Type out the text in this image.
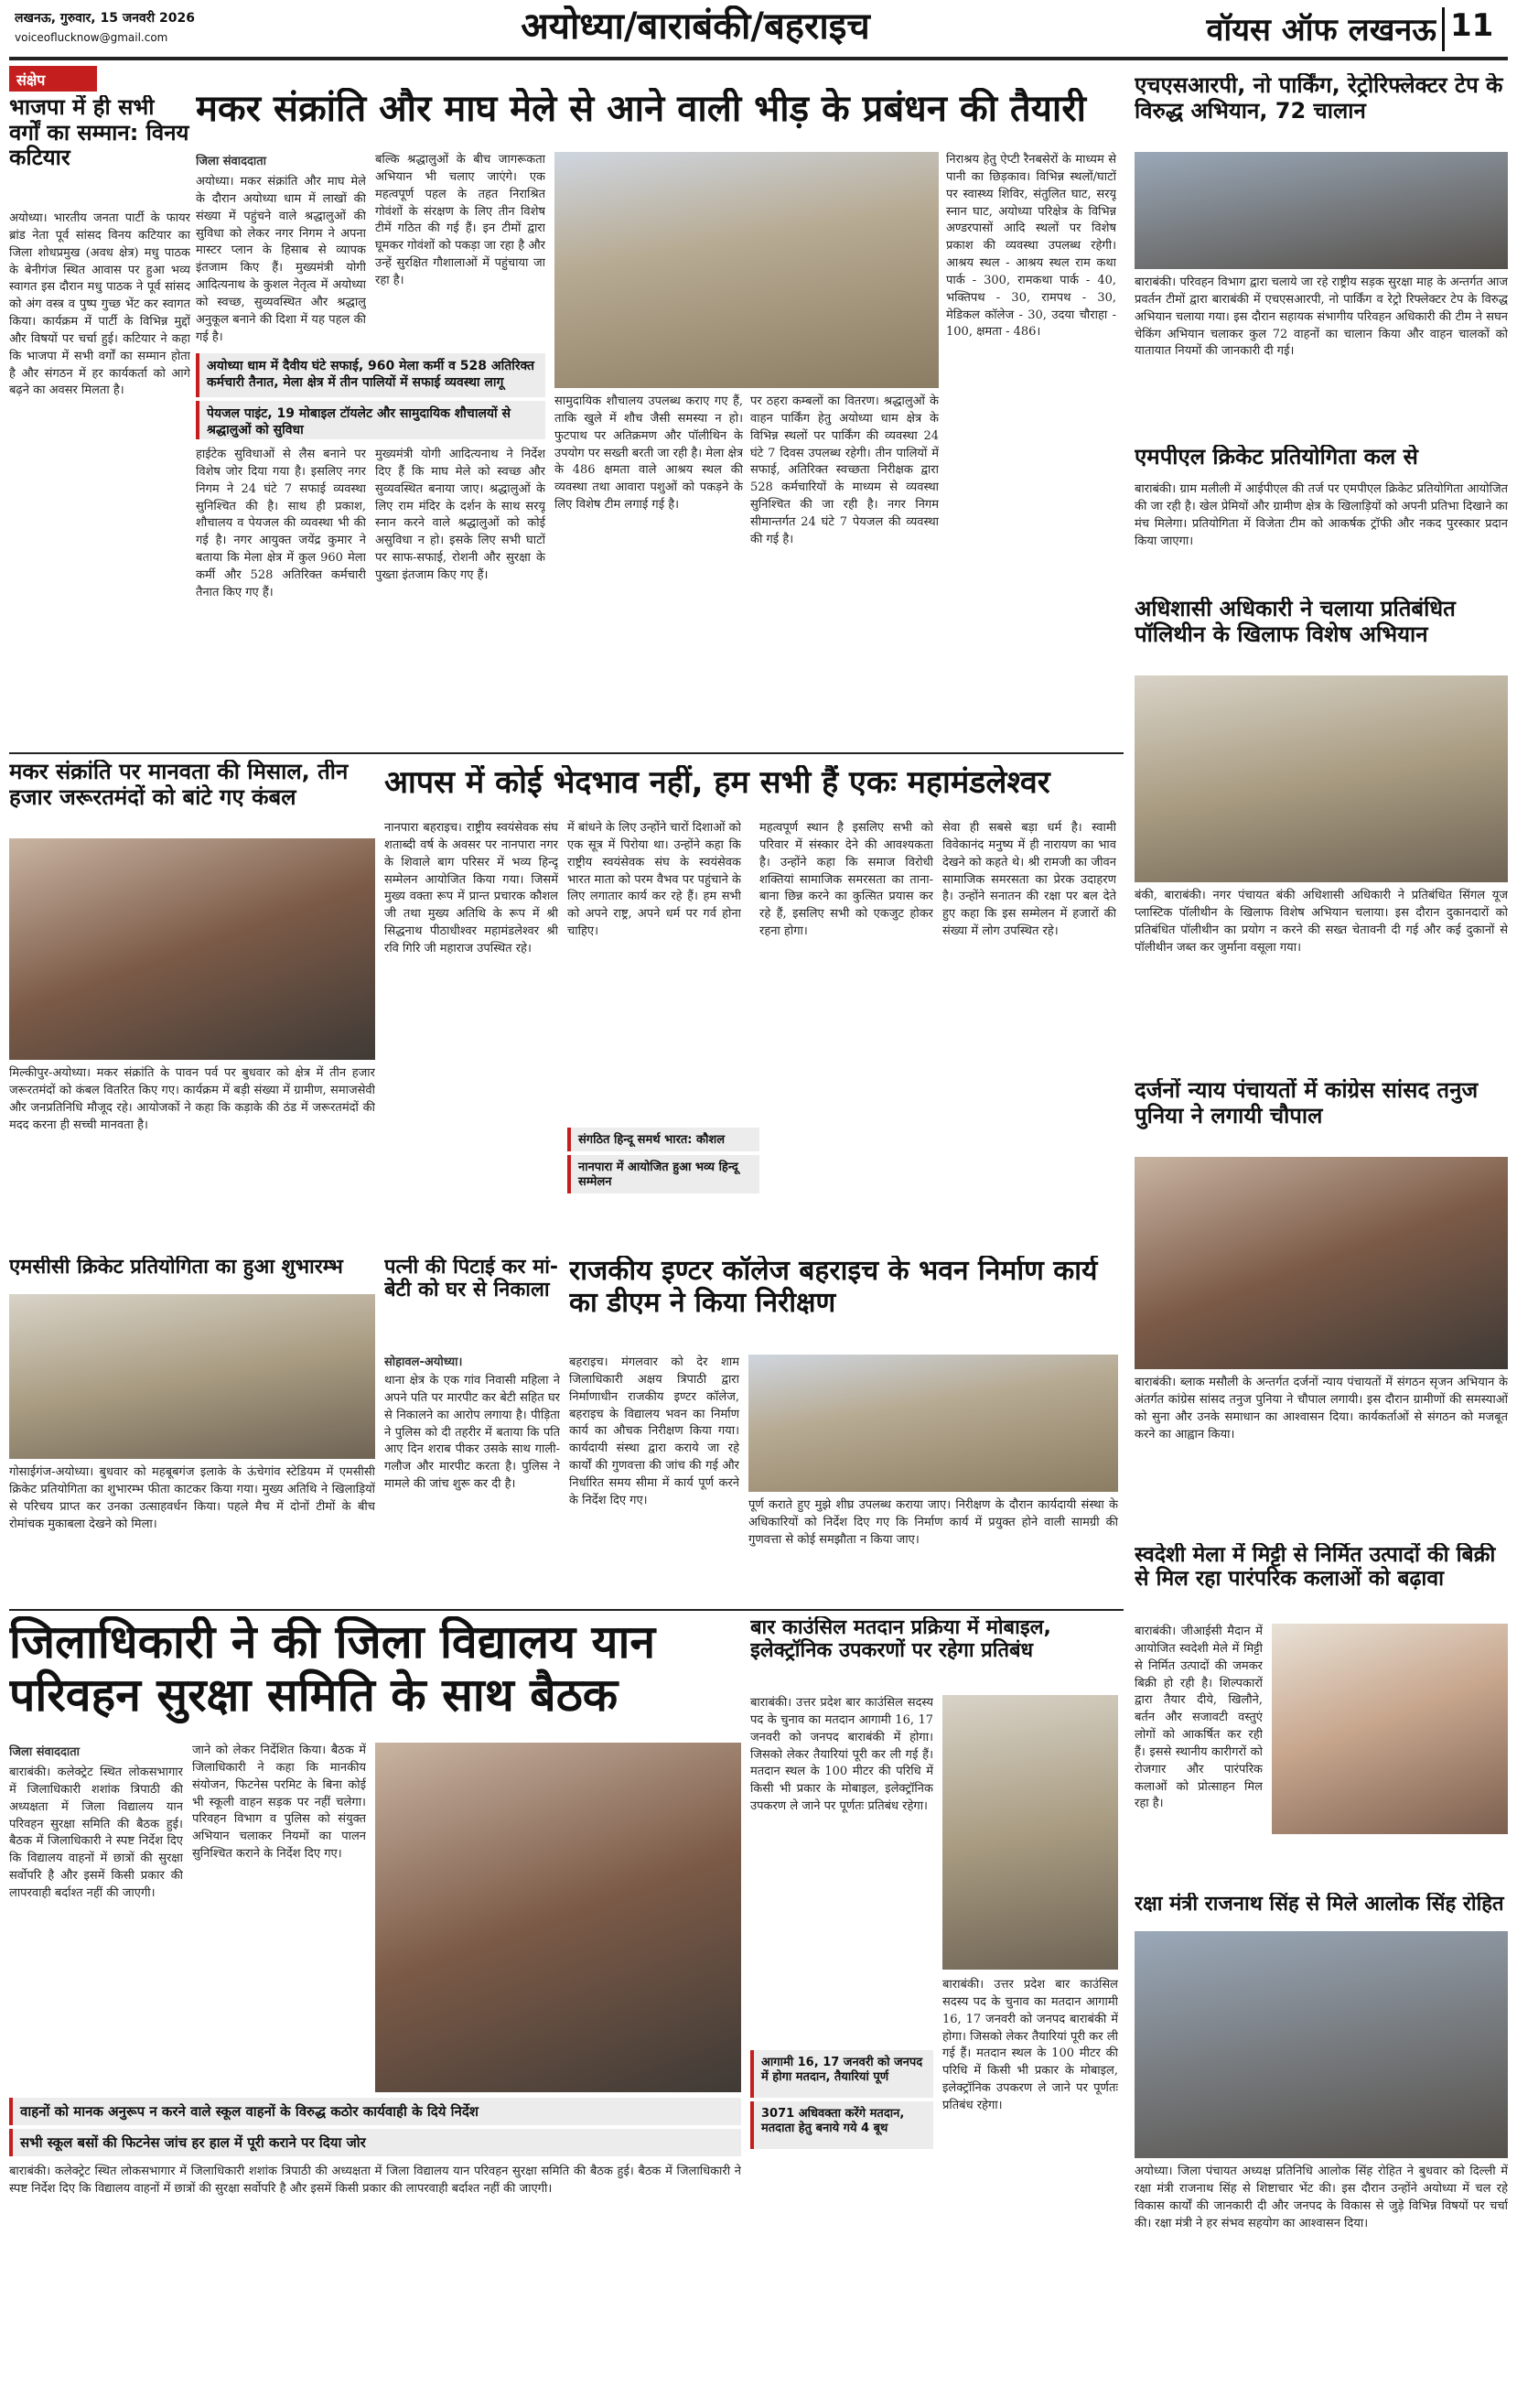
लखनऊ, गुरुवार, 15 जनवरी 2026
voiceoflucknow@gmail.com	अयोध्या/बाराबंकी/बहराइच	वॉयस ऑफ लखनऊ 11
संक्षेप
भाजपा में ही सभी वर्गों का सम्मान: विनय कटियार
अयोध्या। भारतीय जनता पार्टी के फायर ब्रांड नेता पूर्व सांसद विनय कटियार का जिला शोधप्रमुख (अवध क्षेत्र) मधु पाठक के बेनीगंज स्थित आवास पर हुआ भव्य स्वागत इस दौरान मधु पाठक ने पूर्व सांसद को अंग वस्त्र व पुष्प गुच्छ भेंट कर स्वागत किया। कार्यक्रम में पार्टी के विभिन्न मुद्दों और विषयों पर चर्चा हुई। कटियार ने कहा कि भाजपा में सभी वर्गों का सम्मान होता है और संगठन में हर कार्यकर्ता को आगे बढ़ने का अवसर मिलता है।
मकर संक्रांति और माघ मेले से आने वाली भीड़ के प्रबंधन की तैयारी
जिला संवाददाता
अयोध्या। मकर संक्रांति और माघ मेले के दौरान अयोध्या धाम में लाखों की संख्या में पहुंचने वाले श्रद्धालुओं की सुविधा को लेकर नगर निगम ने अपना मास्टर प्लान के हिसाब से व्यापक इंतजाम किए हैं। मुख्यमंत्री योगी आदित्यनाथ के कुशल नेतृत्व में अयोध्या को स्वच्छ, सुव्यवस्थित और श्रद्धालु अनुकूल बनाने की दिशा में यह पहल की गई है।
बल्कि श्रद्धालुओं के बीच जागरूकता अभियान भी चलाए जाएंगे। एक महत्वपूर्ण पहल के तहत निराश्रित गोवंशों के संरक्षण के लिए तीन विशेष टीमें गठित की गई हैं। इन टीमों द्वारा घूमकर गोवंशों को पकड़ा जा रहा है और उन्हें सुरक्षित गौशालाओं में पहुंचाया जा रहा है।
अयोध्या धाम में दैवीय घंटे सफाई, 960 मेला कर्मी व 528 अतिरिक्त कर्मचारी तैनात, मेला क्षेत्र में तीन पालियों में सफाई व्यवस्था लागू
पेयजल पाइंट, 19 मोबाइल टॉयलेट और सामुदायिक शौचालयों से श्रद्धालुओं को सुविधा
हाईटेक सुविधाओं से लैस बनाने पर विशेष जोर दिया गया है। इसलिए नगर निगम ने 24 घंटे 7 सफाई व्यवस्था सुनिश्चित की है। साथ ही प्रकाश, शौचालय व पेयजल की व्यवस्था भी की गई है। नगर आयुक्त जयेंद्र कुमार ने बताया कि मेला क्षेत्र में कुल 960 मेला कर्मी और 528 अतिरिक्त कर्मचारी तैनात किए गए हैं।
मुख्यमंत्री योगी आदित्यनाथ ने निर्देश दिए हैं कि माघ मेले को स्वच्छ और सुव्यवस्थित बनाया जाए। श्रद्धालुओं के लिए राम मंदिर के दर्शन के साथ सरयू स्नान करने वाले श्रद्धालुओं को कोई असुविधा न हो। इसके लिए सभी घाटों पर साफ-सफाई, रोशनी और सुरक्षा के पुख्ता इंतजाम किए गए हैं।
सामुदायिक शौचालय उपलब्ध कराए गए हैं, ताकि खुले में शौच जैसी समस्या न हो। फुटपाथ पर अतिक्रमण और पॉलीथिन के उपयोग पर सख्ती बरती जा रही है। मेला क्षेत्र के 486 क्षमता वाले आश्रय स्थल की व्यवस्था तथा आवारा पशुओं को पकड़ने के लिए विशेष टीम लगाई गई है।
पर ठहरा कम्बलों का वितरण। श्रद्धालुओं के वाहन पार्किंग हेतु अयोध्या धाम क्षेत्र के विभिन्न स्थलों पर पार्किंग की व्यवस्था 24 घंटे 7 दिवस उपलब्ध रहेगी। तीन पालियों में सफाई, अतिरिक्त स्वच्छता निरीक्षक द्वारा 528 कर्मचारियों के माध्यम से व्यवस्था सुनिश्चित की जा रही है। नगर निगम सीमान्तर्गत 24 घंटे 7 पेयजल की व्यवस्था की गई है।
निराश्रय हेतु ऐप्टी रैनबसेरों के माध्यम से पानी का छिड़काव। विभिन्न स्थलों/घाटों पर स्वास्थ्य शिविर, संतुलित घाट, सरयू स्नान घाट, अयोध्या परिक्षेत्र के विभिन्न अण्डरपासों आदि स्थलों पर विशेष प्रकाश की व्यवस्था उपलब्ध रहेगी। आश्रय स्थल - आश्रय स्थल राम कथा पार्क - 300, रामकथा पार्क - 40, भक्तिपथ - 30, रामपथ - 30, मेडिकल कॉलेज - 30, उदया चौराहा - 100, क्षमता - 486।
एचएसआरपी, नो पार्किंग, रेट्रोरिफ्लेक्टर टेप के विरुद्ध अभियान, 72 चालान
बाराबंकी। परिवहन विभाग द्वारा चलाये जा रहे राष्ट्रीय सड़क सुरक्षा माह के अन्तर्गत आज प्रवर्तन टीमों द्वारा बाराबंकी में एचएसआरपी, नो पार्किंग व रेट्रो रिफ्लेक्टर टेप के विरुद्ध अभियान चलाया गया। इस दौरान सहायक संभागीय परिवहन अधिकारी की टीम ने सघन चेकिंग अभियान चलाकर कुल 72 वाहनों का चालान किया और वाहन चालकों को यातायात नियमों की जानकारी दी गई।
एमपीएल क्रिकेट प्रतियोगिता कल से
बाराबंकी। ग्राम मलीली में आईपीएल की तर्ज पर एमपीएल क्रिकेट प्रतियोगिता आयोजित की जा रही है। खेल प्रेमियों और ग्रामीण क्षेत्र के खिलाड़ियों को अपनी प्रतिभा दिखाने का मंच मिलेगा। प्रतियोगिता में विजेता टीम को आकर्षक ट्रॉफी और नकद पुरस्कार प्रदान किया जाएगा।
अधिशासी अधिकारी ने चलाया प्रतिबंधित पॉलिथीन के खिलाफ विशेष अभियान
बंकी, बाराबंकी। नगर पंचायत बंकी अधिशासी अधिकारी ने प्रतिबंधित सिंगल यूज प्लास्टिक पॉलीथीन के खिलाफ विशेष अभियान चलाया। इस दौरान दुकानदारों को प्रतिबंधित पॉलीथीन का प्रयोग न करने की सख्त चेतावनी दी गई और कई दुकानों से पॉलीथीन जब्त कर जुर्माना वसूला गया।
दर्जनों न्याय पंचायतों में कांग्रेस सांसद तनुज पुनिया ने लगायी चौपाल
बाराबंकी। ब्लाक मसौली के अन्तर्गत दर्जनों न्याय पंचायतों में संगठन सृजन अभियान के अंतर्गत कांग्रेस सांसद तनुज पुनिया ने चौपाल लगायी। इस दौरान ग्रामीणों की समस्याओं को सुना और उनके समाधान का आश्वासन दिया। कार्यकर्ताओं से संगठन को मजबूत करने का आह्वान किया।
स्वदेशी मेला में मिट्टी से निर्मित उत्पादों की बिक्री से मिल रहा पारंपरिक कलाओं को बढ़ावा
बाराबंकी। जीआईसी मैदान में आयोजित स्वदेशी मेले में मिट्टी से निर्मित उत्पादों की जमकर बिक्री हो रही है। शिल्पकारों द्वारा तैयार दीये, खिलौने, बर्तन और सजावटी वस्तुएं लोगों को आकर्षित कर रही हैं। इससे स्थानीय कारीगरों को रोजगार और पारंपरिक कलाओं को प्रोत्साहन मिल रहा है।
रक्षा मंत्री राजनाथ सिंह से मिले आलोक सिंह रोहित
अयोध्या। जिला पंचायत अध्यक्ष प्रतिनिधि आलोक सिंह रोहित ने बुधवार को दिल्ली में रक्षा मंत्री राजनाथ सिंह से शिष्टाचार भेंट की। इस दौरान उन्होंने अयोध्या में चल रहे विकास कार्यों की जानकारी दी और जनपद के विकास से जुड़े विभिन्न विषयों पर चर्चा की। रक्षा मंत्री ने हर संभव सहयोग का आश्वासन दिया।
मकर संक्रांति पर मानवता की मिसाल, तीन हजार जरूरतमंदों को बांटे गए कंबल
मिल्कीपुर-अयोध्या। मकर संक्रांति के पावन पर्व पर बुधवार को क्षेत्र में तीन हजार जरूरतमंदों को कंबल वितरित किए गए। कार्यक्रम में बड़ी संख्या में ग्रामीण, समाजसेवी और जनप्रतिनिधि मौजूद रहे। आयोजकों ने कहा कि कड़ाके की ठंड में जरूरतमंदों की मदद करना ही सच्ची मानवता है।
आपस में कोई भेदभाव नहीं, हम सभी हैं एकः महामंडलेश्वर
नानपारा बहराइच। राष्ट्रीय स्वयंसेवक संघ शताब्दी वर्ष के अवसर पर नानपारा नगर के शिवाले बाग परिसर में भव्य हिन्दू सम्मेलन आयोजित किया गया। जिसमें मुख्य वक्ता रूप में प्रान्त प्रचारक कौशल जी तथा मुख्य अतिथि के रूप में श्री सिद्धनाथ पीठाधीश्वर महामंडलेश्वर श्री रवि गिरि जी महाराज उपस्थित रहे।
में बांधने के लिए उन्होंने चारों दिशाओं को एक सूत्र में पिरोया था। उन्होंने कहा कि राष्ट्रीय स्वयंसेवक संघ के स्वयंसेवक भारत माता को परम वैभव पर पहुंचाने के लिए लगातार कार्य कर रहे हैं। हम सभी को अपने राष्ट्र, अपने धर्म पर गर्व होना चाहिए।
संगठित हिन्दू समर्थ भारत: कौशल
नानपारा में आयोजित हुआ भव्य हिन्दू सम्मेलन
महत्वपूर्ण स्थान है इसलिए सभी को परिवार में संस्कार देने की आवश्यकता है। उन्होंने कहा कि समाज विरोधी शक्तियां सामाजिक समरसता का ताना-बाना छिन्न करने का कुत्सित प्रयास कर रहे हैं, इसलिए सभी को एकजुट होकर रहना होगा।
सेवा ही सबसे बड़ा धर्म है। स्वामी विवेकानंद मनुष्य में ही नारायण का भाव देखने को कहते थे। श्री रामजी का जीवन सामाजिक समरसता का प्रेरक उदाहरण है। उन्होंने सनातन की रक्षा पर बल देते हुए कहा कि इस सम्मेलन में हजारों की संख्या में लोग उपस्थित रहे।
एमसीसी क्रिकेट प्रतियोगिता का हुआ शुभारम्भ
गोसाईगंज-अयोध्या। बुधवार को महबूबगंज इलाके के ऊंचेगांव स्टेडियम में एमसीसी क्रिकेट प्रतियोगिता का शुभारम्भ फीता काटकर किया गया। मुख्य अतिथि ने खिलाड़ियों से परिचय प्राप्त कर उनका उत्साहवर्धन किया। पहले मैच में दोनों टीमों के बीच रोमांचक मुकाबला देखने को मिला।
पत्नी की पिटाई कर मां-बेटी को घर से निकाला
सोहावल-अयोध्या।
थाना क्षेत्र के एक गांव निवासी महिला ने अपने पति पर मारपीट कर बेटी सहित घर से निकालने का आरोप लगाया है। पीड़िता ने पुलिस को दी तहरीर में बताया कि पति आए दिन शराब पीकर उसके साथ गाली-गलौज और मारपीट करता है। पुलिस ने मामले की जांच शुरू कर दी है।
राजकीय इण्टर कॉलेज बहराइच के भवन निर्माण कार्य का डीएम ने किया निरीक्षण
बहराइच। मंगलवार को देर शाम जिलाधिकारी अक्षय त्रिपाठी द्वारा निर्माणाधीन राजकीय इण्टर कॉलेज, बहराइच के विद्यालय भवन का निर्माण कार्य का औचक निरीक्षण किया गया। कार्यदायी संस्था द्वारा कराये जा रहे कार्यों की गुणवत्ता की जांच की गई और निर्धारित समय सीमा में कार्य पूर्ण करने के निर्देश दिए गए।	पूर्ण कराते हुए मुझे शीघ्र उपलब्ध कराया जाए। निरीक्षण के दौरान कार्यदायी संस्था के अधिकारियों को निर्देश दिए गए कि निर्माण कार्य में प्रयुक्त होने वाली सामग्री की गुणवत्ता से कोई समझौता न किया जाए।
जिलाधिकारी ने की जिला विद्यालय यान परिवहन सुरक्षा समिति के साथ बैठक
जिला संवाददाता
बाराबंकी। कलेक्ट्रेट स्थित लोकसभागार में जिलाधिकारी शशांक त्रिपाठी की अध्यक्षता में जिला विद्यालय यान परिवहन सुरक्षा समिति की बैठक हुई। बैठक में जिलाधिकारी ने स्पष्ट निर्देश दिए कि विद्यालय वाहनों में छात्रों की सुरक्षा सर्वोपरि है और इसमें किसी प्रकार की लापरवाही बर्दाश्त नहीं की जाएगी।
जाने को लेकर निर्देशित किया। बैठक में जिलाधिकारी ने कहा कि मानकीय संयोजन, फिटनेस परमिट के बिना कोई भी स्कूली वाहन सड़क पर नहीं चलेगा। परिवहन विभाग व पुलिस को संयुक्त अभियान चलाकर नियमों का पालन सुनिश्चित कराने के निर्देश दिए गए।
वाहनों को मानक अनुरूप न करने वाले स्कूल वाहनों के विरुद्ध कठोर कार्यवाही के दिये निर्देश
सभी स्कूल बसों की फिटनेस जांच हर हाल में पूरी कराने पर दिया जोर
बाराबंकी। कलेक्ट्रेट स्थित लोकसभागार में जिलाधिकारी शशांक त्रिपाठी की अध्यक्षता में जिला विद्यालय यान परिवहन सुरक्षा समिति की बैठक हुई। बैठक में जिलाधिकारी ने स्पष्ट निर्देश दिए कि विद्यालय वाहनों में छात्रों की सुरक्षा सर्वोपरि है और इसमें किसी प्रकार की लापरवाही बर्दाश्त नहीं की जाएगी।
बार काउंसिल मतदान प्रक्रिया में मोबाइल, इलेक्ट्रॉनिक उपकरणों पर रहेगा प्रतिबंध
बाराबंकी। उत्तर प्रदेश बार काउंसिल सदस्य पद के चुनाव का मतदान आगामी 16, 17 जनवरी को जनपद बाराबंकी में होगा। जिसको लेकर तैयारियां पूरी कर ली गई हैं। मतदान स्थल के 100 मीटर की परिधि में किसी भी प्रकार के मोबाइल, इलेक्ट्रॉनिक उपकरण ले जाने पर पूर्णतः प्रतिबंध रहेगा।
आगामी 16, 17 जनवरी को जनपद में होगा मतदान, तैयारियां पूर्ण
3071 अधिवक्ता करेंगे मतदान, मतदाता हेतु बनाये गये 4 बूथ
बाराबंकी। उत्तर प्रदेश बार काउंसिल सदस्य पद के चुनाव का मतदान आगामी 16, 17 जनवरी को जनपद बाराबंकी में होगा। जिसको लेकर तैयारियां पूरी कर ली गई हैं। मतदान स्थल के 100 मीटर की परिधि में किसी भी प्रकार के मोबाइल, इलेक्ट्रॉनिक उपकरण ले जाने पर पूर्णतः प्रतिबंध रहेगा।
